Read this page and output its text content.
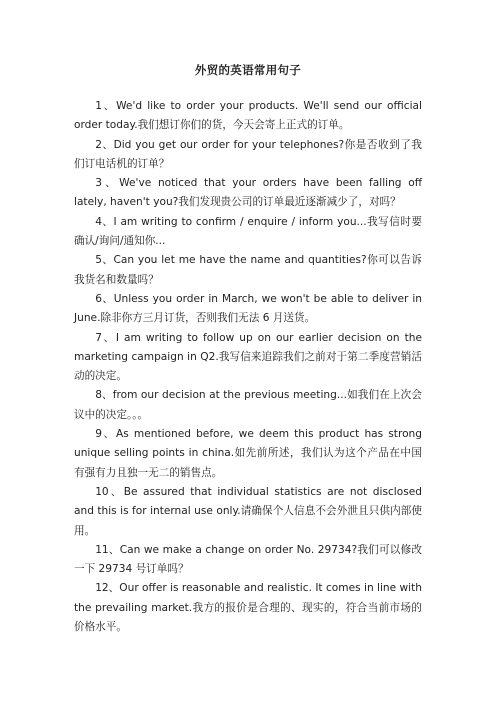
外贸的英语常用句子

1、We'd like to order your products. We'll send our official order today.我们想订你们的货，今天会寄上正式的订单。

2、Did you get our order for your telephones?你是否收到了我们订电话机的订单？

3、We've noticed that your orders have been falling off lately, haven't you?我们发现贵公司的订单最近逐渐减少了，对吗？

4、I am writing to confirm / enquire / inform you...我写信时要确认/询问/通知你...

5、Can you let me have the name and quantities?你可以告诉我货名和数量吗？

6、Unless you order in March, we won't be able to deliver in June.除非你方三月订货，否则我们无法 6 月送货。

7、I am writing to follow up on our earlier decision on the marketing campaign in Q2.我写信来追踪我们之前对于第二季度营销活动的决定。

8、from our decision at the previous meeting...如我们在上次会议中的决定。。。

9、As mentioned before, we deem this product has strong unique selling points in china.如先前所述，我们认为这个产品在中国有强有力且独一无二的销售点。

10、Be assured that individual statistics are not disclosed and this is for internal use only.请确保个人信息不会外泄且只供内部使用。

11、Can we make a change on order No. 29734?我们可以修改一下 29734 号订单吗？

12、Our offer is reasonable and realistic. It comes in line with the prevailing market.我方的报价是合理的、现实的，符合当前市场的价格水平。
